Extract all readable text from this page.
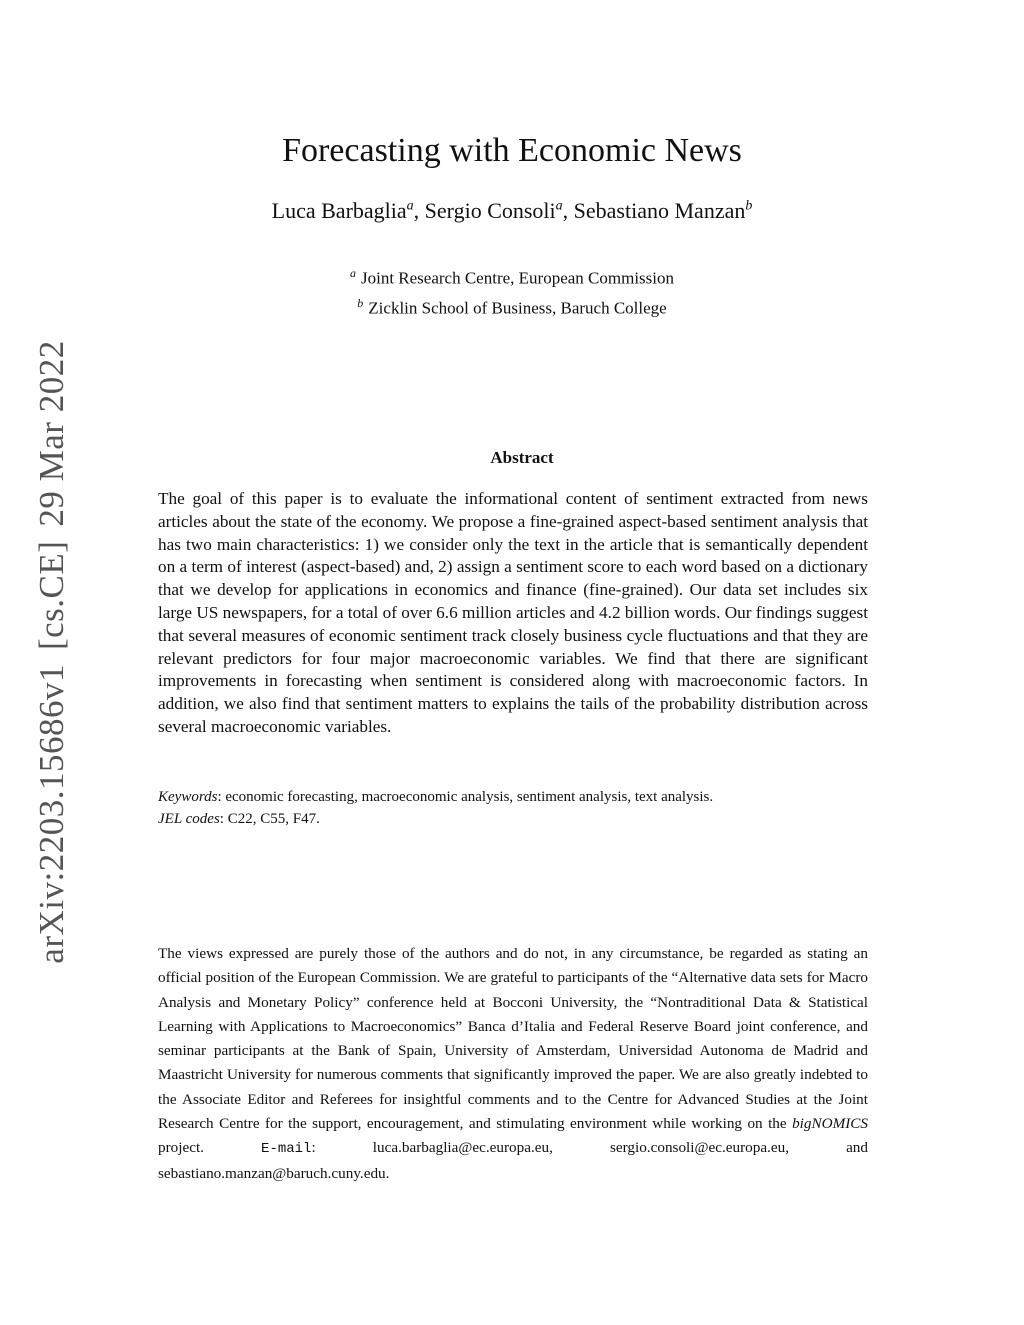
arXiv:2203.15686v1[cs.CE]29 Mar 2022
Forecasting with Economic News
Luca Barbaglia$^a$, Sergio Consoli$^a$, Sebastiano Manzan$^b$
$^a$ Joint Research Centre, European Commission
$^b$ Zicklin School of Business, Baruch College
Abstract

The goal of this paper is to evaluate the informational content of sentiment extracted from news articles about the state of the economy. We propose a fine-grained aspect-based sentiment analysis that has two main characteristics: 1) we consider only the text in the article that is semantically dependent on a term of interest (aspect-based) and, 2) assign a sentiment score to each word based on a dictionary that we develop for applications in economics and finance (fine-grained). Our data set includes six large US newspapers, for a total of over 6.6 million articles and 4.2 billion words. Our findings suggest that several measures of economic sentiment track closely business cycle fluctuations and that they are relevant predictors for four major macroeconomic variables. We find that there are significant improvements in forecasting when sentiment is considered along with macroeconomic factors. In addition, we also find that sentiment matters to explains the tails of the probability distribution across several macroeconomic variables.

Keywords: economic forecasting, macroeconomic analysis, sentiment analysis, text analysis.
JEL codes: C22, C55, F47.

The views expressed are purely those of the authors and do not, in any circumstance, be regarded as stating an official position of the European Commission. We are grateful to participants of the “Alternative data sets for Macro Analysis and Monetary Policy” conference held at Bocconi University, the “Nontraditional Data & Statistical Learning with Applications to Macroeconomics” Banca d’Italia and Federal Reserve Board joint conference, and seminar participants at the Bank of Spain, University of Amsterdam, Universidad Autonoma de Madrid and Maastricht University for numerous comments that significantly improved the paper. We are also greatly indebted to the Associate Editor and Referees for insightful comments and to the Centre for Advanced Studies at the Joint Research Centre for the support, encouragement, and stimulating environment while working on the bigNOMICS project. E-mail: luca.barbaglia@ec.europa.eu, sergio.consoli@ec.europa.eu, and sebastiano.manzan@baruch.cuny.edu.
